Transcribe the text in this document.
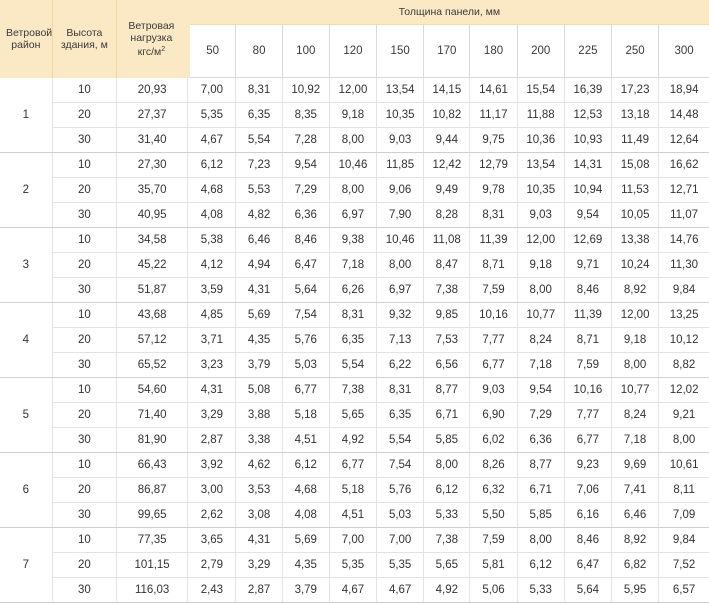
Ветровой район	Высота здания, м	Ветровая нагрузка кгс/$м^2$	Толщина панели, мм										
			50	80	100	120	150	170	180	200	225	250	300
1	10	20,93	7,00	8,31	10,92	12,00	13,54	14,15	14,61	15,54	16,39	17,23	18,94
	20	27,37	5,35	6,35	8,35	9,18	10,35	10,82	11,17	11,88	12,53	13,18	14,48
	30	31,40	4,67	5,54	7,28	8,00	9,03	9,44	9,75	10,36	10,93	11,49	12,64
2	10	27,30	6,12	7,23	9,54	10,46	11,85	12,42	12,79	13,54	14,31	15,08	16,62
	20	35,70	4,68	5,53	7,29	8,00	9,06	9,49	9,78	10,35	10,94	11,53	12,71
	30	40,95	4,08	4,82	6,36	6,97	7,90	8,28	8,31	9,03	9,54	10,05	11,07
3	10	34,58	5,38	6,46	8,46	9,38	10,46	11,08	11,39	12,00	12,69	13,38	14,76
	20	45,22	4,12	4,94	6,47	7,18	8,00	8,47	8,71	9,18	9,71	10,24	11,30
	30	51,87	3,59	4,31	5,64	6,26	6,97	7,38	7,59	8,00	8,46	8,92	9,84
4	10	43,68	4,85	5,69	7,54	8,31	9,32	9,85	10,16	10,77	11,39	12,00	13,25
	20	57,12	3,71	4,35	5,76	6,35	7,13	7,53	7,77	8,24	8,71	9,18	10,12
	30	65,52	3,23	3,79	5,03	5,54	6,22	6,56	6,77	7,18	7,59	8,00	8,82
5	10	54,60	4,31	5,08	6,77	7,38	8,31	8,77	9,03	9,54	10,16	10,77	12,02
	20	71,40	3,29	3,88	5,18	5,65	6,35	6,71	6,90	7,29	7,77	8,24	9,21
	30	81,90	2,87	3,38	4,51	4,92	5,54	5,85	6,02	6,36	6,77	7,18	8,00
6	10	66,43	3,92	4,62	6,12	6,77	7,54	8,00	8,26	8,77	9,23	9,69	10,61
	20	86,87	3,00	3,53	4,68	5,18	5,76	6,12	6,32	6,71	7,06	7,41	8,11
	30	99,65	2,62	3,08	4,08	4,51	5,03	5,33	5,50	5,85	6,16	6,46	7,09
7	10	77,35	3,65	4,31	5,69	7,00	7,00	7,38	7,59	8,00	8,46	8,92	9,84
	20	101,15	2,79	3,29	4,35	5,35	5,35	5,65	5,81	6,12	6,47	6,82	7,52
	30	116,03	2,43	2,87	3,79	4,67	4,67	4,92	5,06	5,33	5,64	5,95	6,57
